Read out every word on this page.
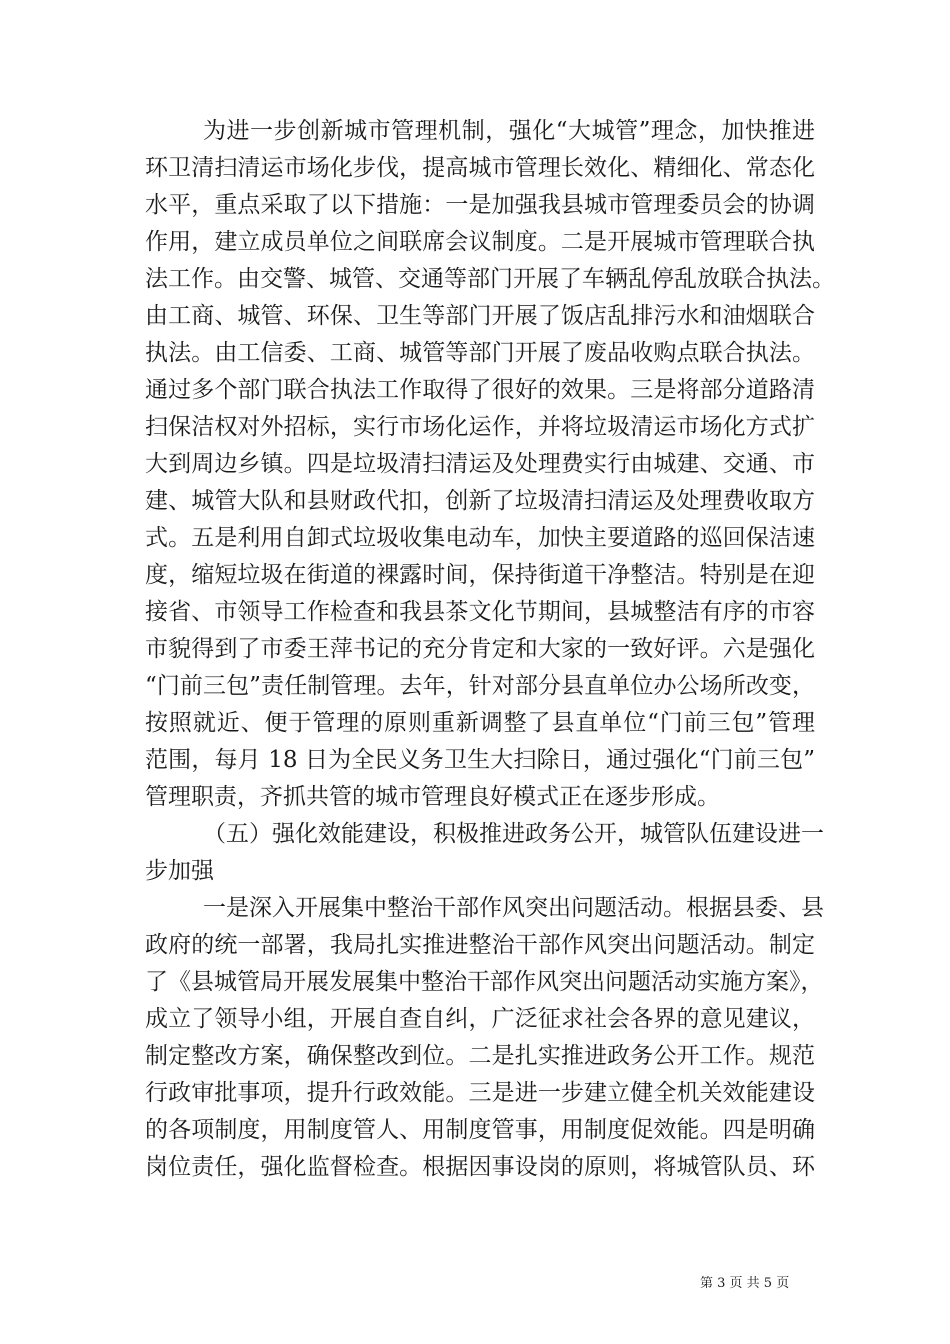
为进一步创新城市管理机制，强化“大城管”理念，加快推进
环卫清扫清运市场化步伐，提高城市管理长效化、精细化、常态化
水平，重点采取了以下措施：一是加强我县城市管理委员会的协调
作用，建立成员单位之间联席会议制度。二是开展城市管理联合执
法工作。由交警、城管、交通等部门开展了车辆乱停乱放联合执法。
由工商、城管、环保、卫生等部门开展了饭店乱排污水和油烟联合
执法。由工信委、工商、城管等部门开展了废品收购点联合执法。
通过多个部门联合执法工作取得了很好的效果。三是将部分道路清
扫保洁权对外招标，实行市场化运作，并将垃圾清运市场化方式扩
大到周边乡镇。四是垃圾清扫清运及处理费实行由城建、交通、市
建、城管大队和县财政代扣，创新了垃圾清扫清运及处理费收取方
式。五是利用自卸式垃圾收集电动车，加快主要道路的巡回保洁速
度，缩短垃圾在街道的裸露时间，保持街道干净整洁。特别是在迎
接省、市领导工作检查和我县茶文化节期间，县城整洁有序的市容
市貌得到了市委王萍书记的充分肯定和大家的一致好评。六是强化
“门前三包”责任制管理。去年，针对部分县直单位办公场所改变，
按照就近、便于管理的原则重新调整了县直单位“门前三包”管理
范围，每月 18 日为全民义务卫生大扫除日，通过强化“门前三包”
管理职责，齐抓共管的城市管理良好模式正在逐步形成。
（五）强化效能建设，积极推进政务公开，城管队伍建设进一
步加强
一是深入开展集中整治干部作风突出问题活动。根据县委、县
政府的统一部署，我局扎实推进整治干部作风突出问题活动。制定
了《县城管局开展发展集中整治干部作风突出问题活动实施方案》，
成立了领导小组，开展自查自纠，广泛征求社会各界的意见建议，
制定整改方案，确保整改到位。二是扎实推进政务公开工作。规范
行政审批事项，提升行政效能。三是进一步建立健全机关效能建设
的各项制度，用制度管人、用制度管事，用制度促效能。四是明确
岗位责任，强化监督检查。根据因事设岗的原则，将城管队员、环
第 3 页 共 5 页
